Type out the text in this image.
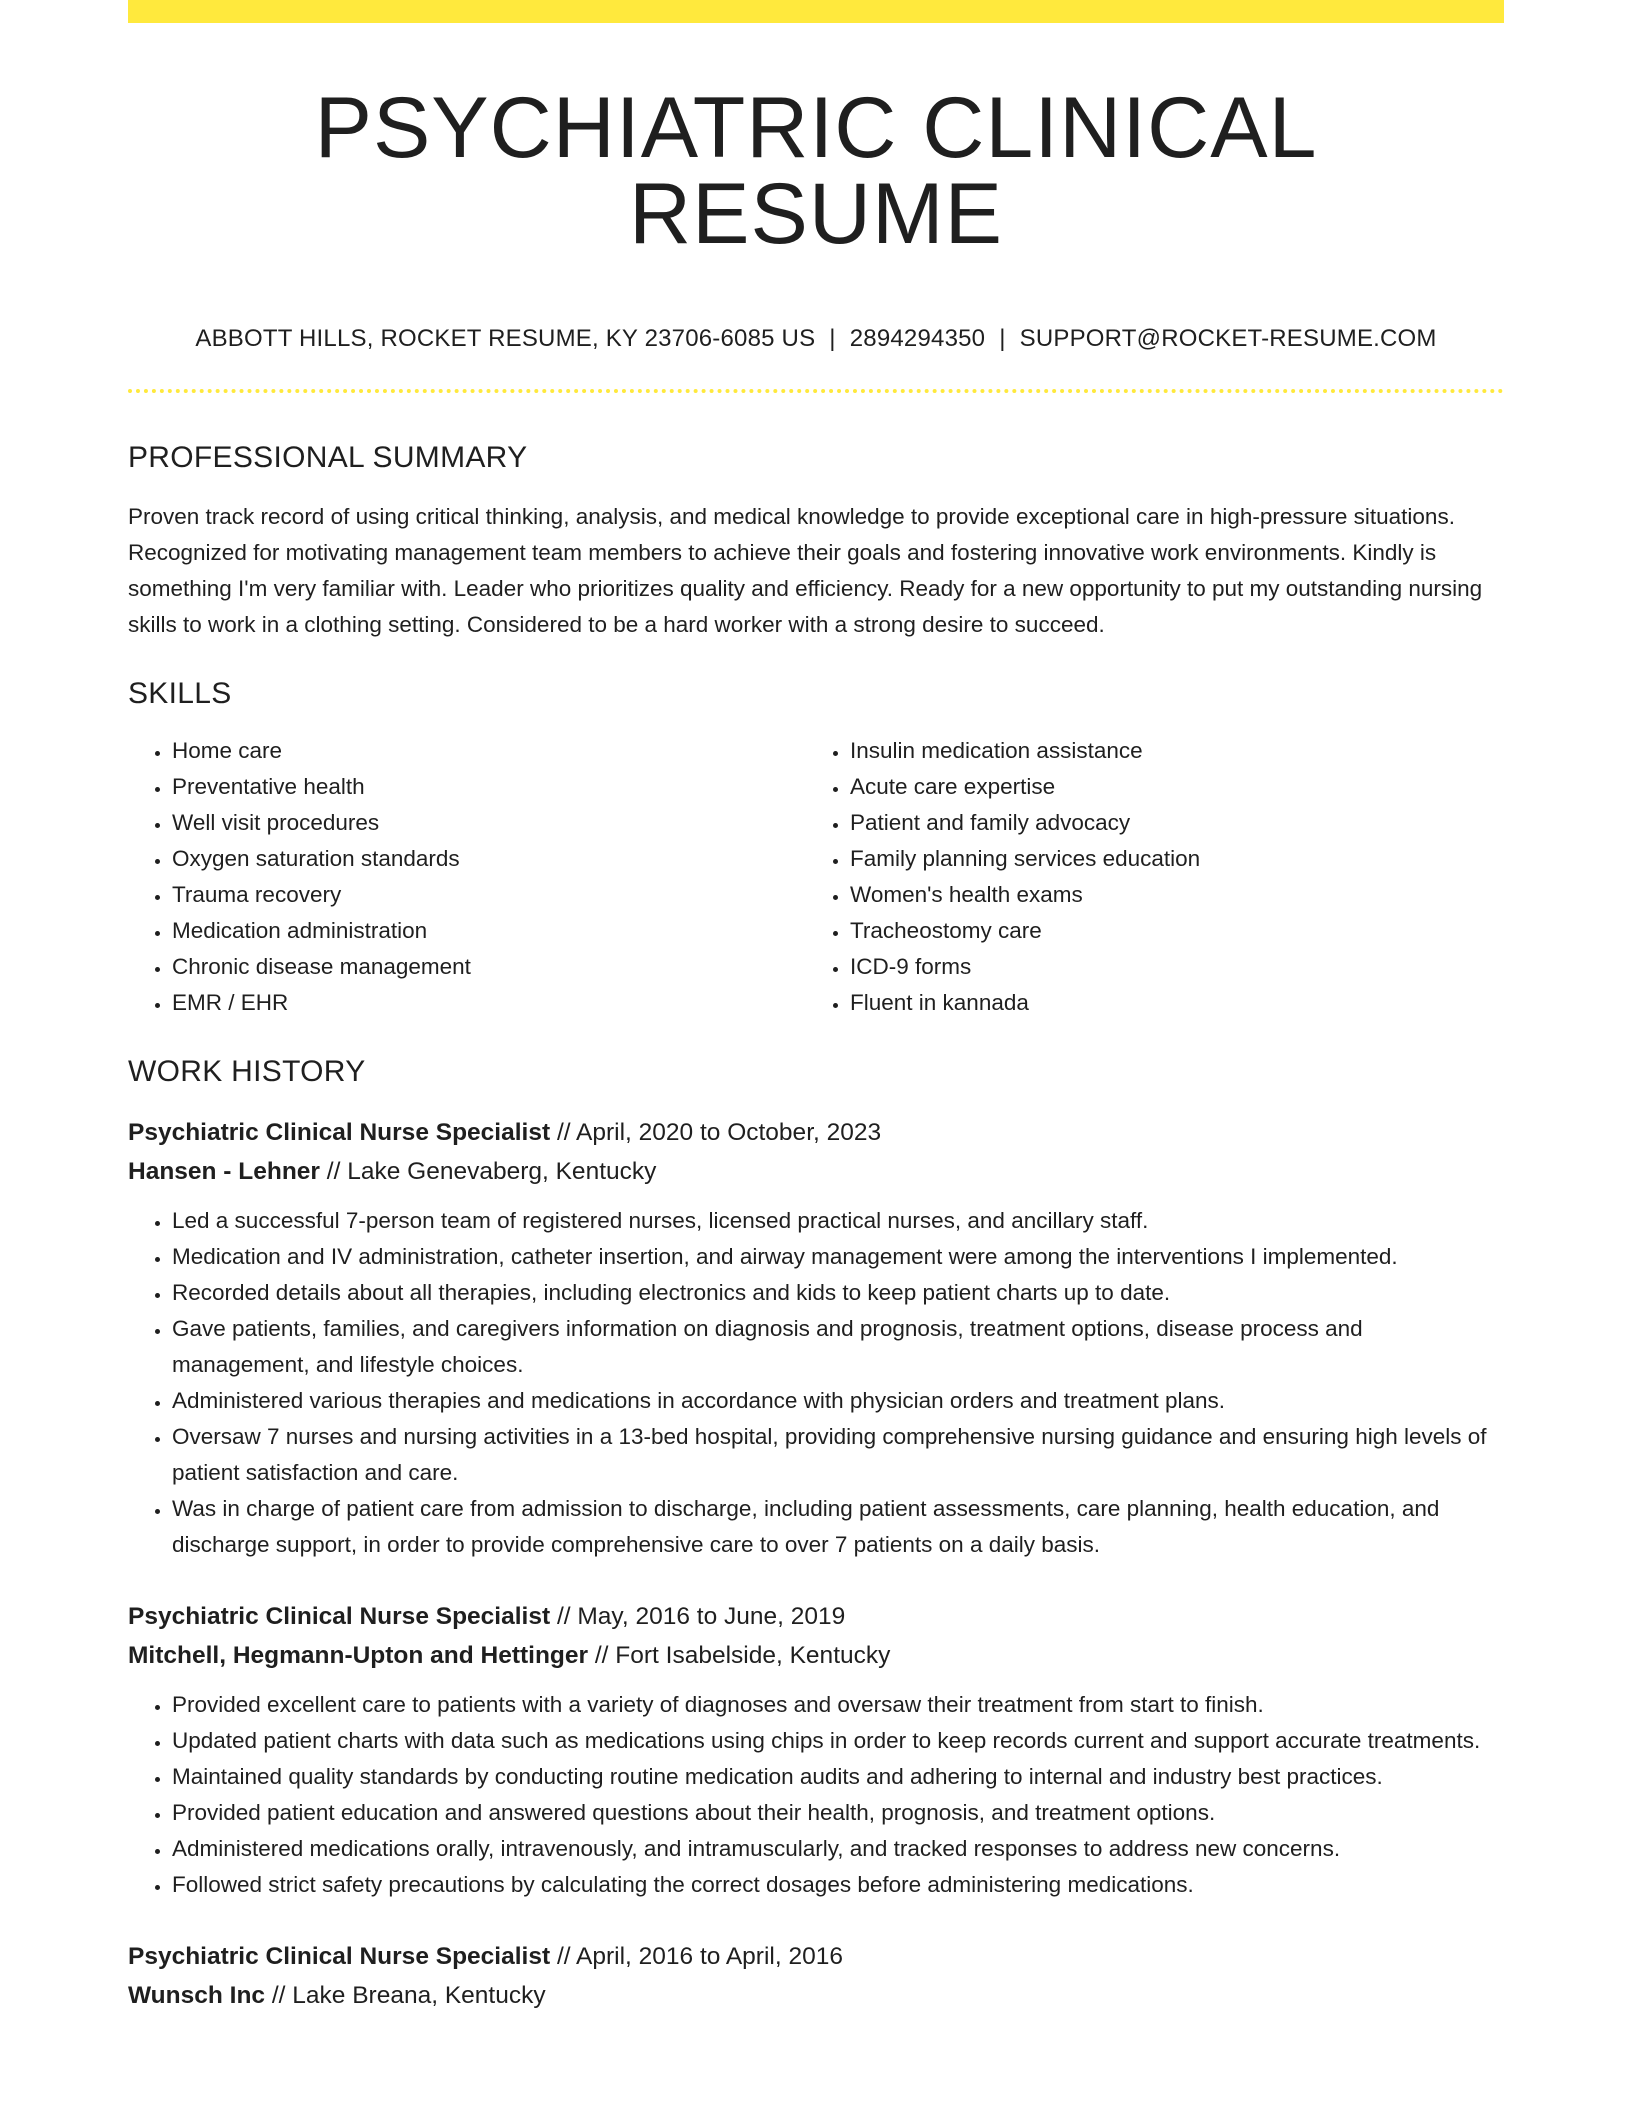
PSYCHIATRIC CLINICAL RESUME
ABBOTT HILLS, ROCKET RESUME, KY 23706-6085 US | 2894294350 | SUPPORT@ROCKET-RESUME.COM
PROFESSIONAL SUMMARY

Proven track record of using critical thinking, analysis, and medical knowledge to provide exceptional care in high-pressure situations. Recognized for motivating management team members to achieve their goals and fostering innovative work environments. Kindly is something I'm very familiar with. Leader who prioritizes quality and efficiency. Ready for a new opportunity to put my outstanding nursing skills to work in a clothing setting. Considered to be a hard worker with a strong desire to succeed.

SKILLS
• Home care
• Preventative health
• Well visit procedures
• Oxygen saturation standards
• Trauma recovery
• Medication administration
• Chronic disease management
• EMR / EHR
• Insulin medication assistance
• Acute care expertise
• Patient and family advocacy
• Family planning services education
• Women's health exams
• Tracheostomy care
• ICD-9 forms
• Fluent in kannada
WORK HISTORY
Psychiatric Clinical Nurse Specialist // April, 2020 to October, 2023
Hansen - Lehner // Lake Genevaberg, Kentucky
• Led a successful 7-person team of registered nurses, licensed practical nurses, and ancillary staff.
• Medication and IV administration, catheter insertion, and airway management were among the interventions I implemented.
• Recorded details about all therapies, including electronics and kids to keep patient charts up to date.
• Gave patients, families, and caregivers information on diagnosis and prognosis, treatment options, disease process and management, and lifestyle choices.
• Administered various therapies and medications in accordance with physician orders and treatment plans.
• Oversaw 7 nurses and nursing activities in a 13-bed hospital, providing comprehensive nursing guidance and ensuring high levels of patient satisfaction and care.
• Was in charge of patient care from admission to discharge, including patient assessments, care planning, health education, and discharge support, in order to provide comprehensive care to over 7 patients on a daily basis.
Psychiatric Clinical Nurse Specialist // May, 2016 to June, 2019
Mitchell, Hegmann-Upton and Hettinger // Fort Isabelside, Kentucky
• Provided excellent care to patients with a variety of diagnoses and oversaw their treatment from start to finish.
• Updated patient charts with data such as medications using chips in order to keep records current and support accurate treatments.
• Maintained quality standards by conducting routine medication audits and adhering to internal and industry best practices.
• Provided patient education and answered questions about their health, prognosis, and treatment options.
• Administered medications orally, intravenously, and intramuscularly, and tracked responses to address new concerns.
• Followed strict safety precautions by calculating the correct dosages before administering medications.
Psychiatric Clinical Nurse Specialist // April, 2016 to April, 2016
Wunsch Inc // Lake Breana, Kentucky
